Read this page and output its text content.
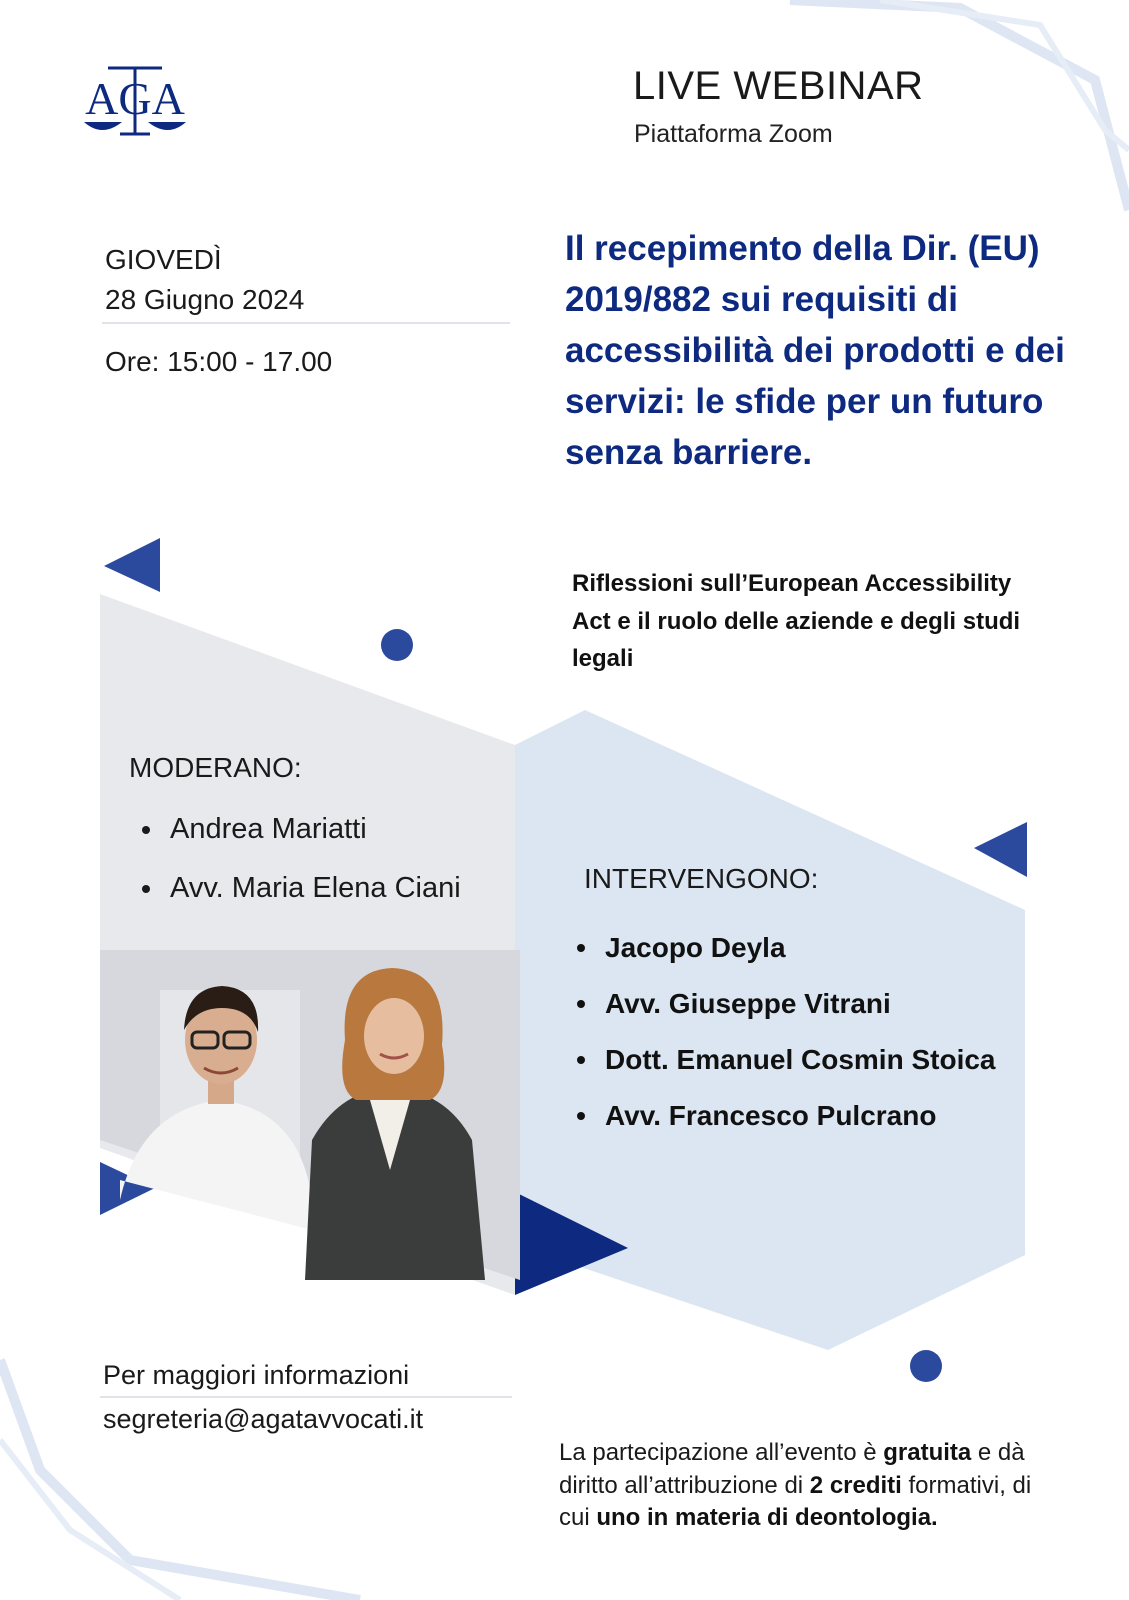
AGA	LIVE WEBINAR
Piattaforma Zoom
GIOVEDÌ
28 Giugno 2024
Ore: 15:00 - 17.00
Il recepimento della Dir. (EU) 2019/882 sui requisiti di accessibilità dei prodotti e dei servizi: le sfide per un futuro senza barriere.
Riflessioni sull’European Accessibility Act e il ruolo delle aziende e degli studi legali
MODERANO:
Andrea Mariatti
Avv. Maria Elena Ciani	INTERVENGONO:
Jacopo Deyla
Avv. Giuseppe Vitrani
Dott. Emanuel Cosmin Stoica
Avv. Francesco Pulcrano
Per maggiori informazioni
segreteria@agatavvocati.it
La partecipazione all’evento è gratuita e dà diritto all’attribuzione di 2 crediti formativi, di cui uno in materia di deontologia.
